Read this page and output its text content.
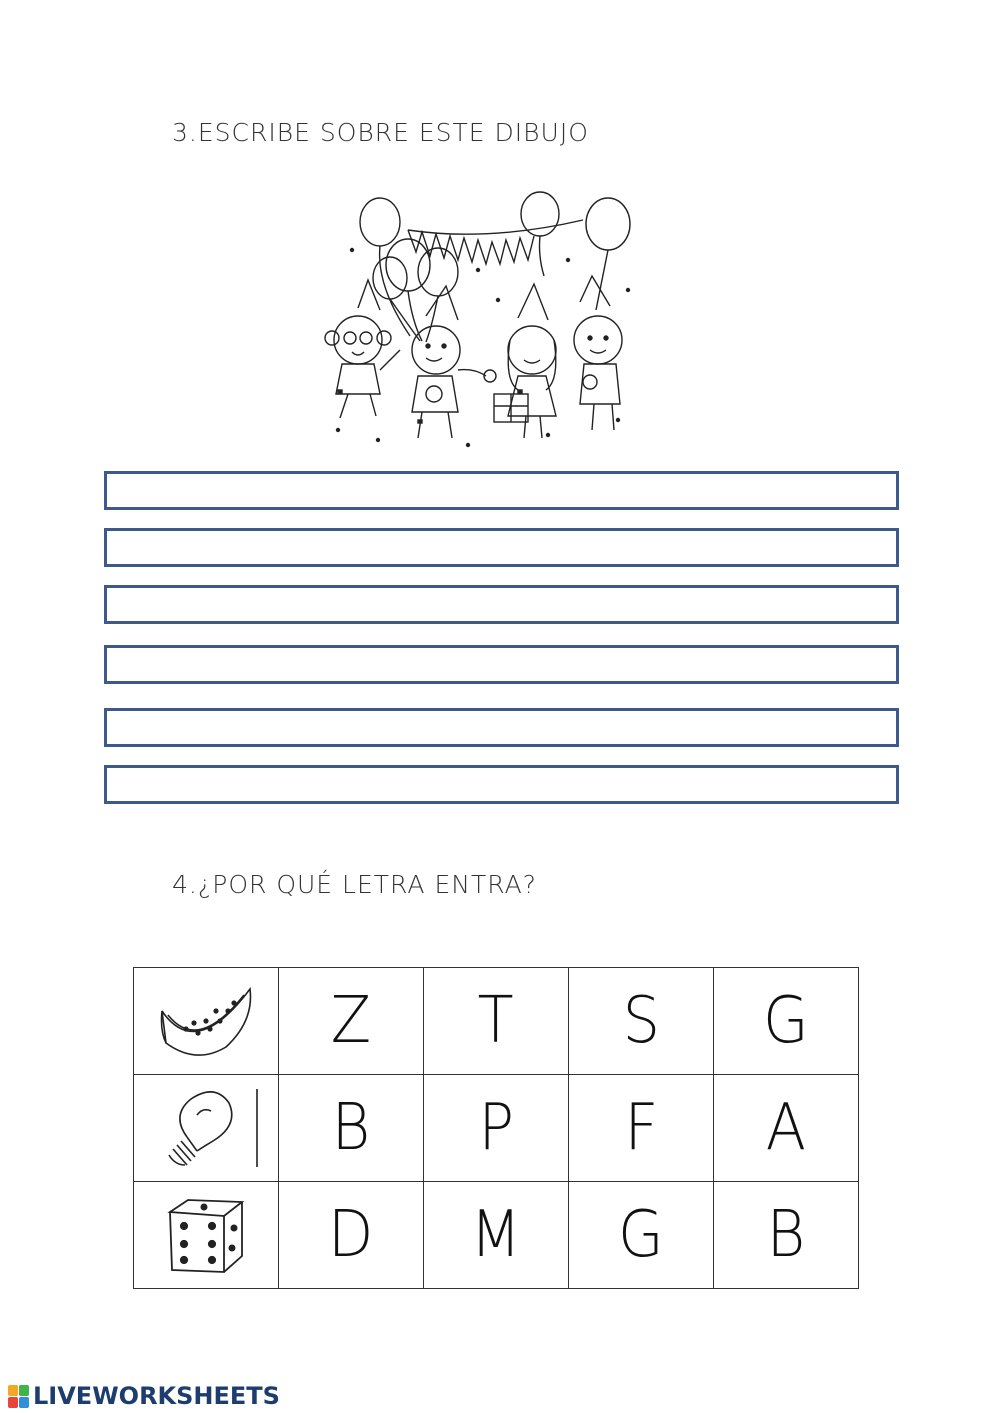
3.ESCRIBE SOBRE ESTE DIBUJO
4.¿POR QUÉ LETRA ENTRA?
	Z	T	S	G

	B	P	F	A

	D	M	G	B
LIVEWORKSHEETS
